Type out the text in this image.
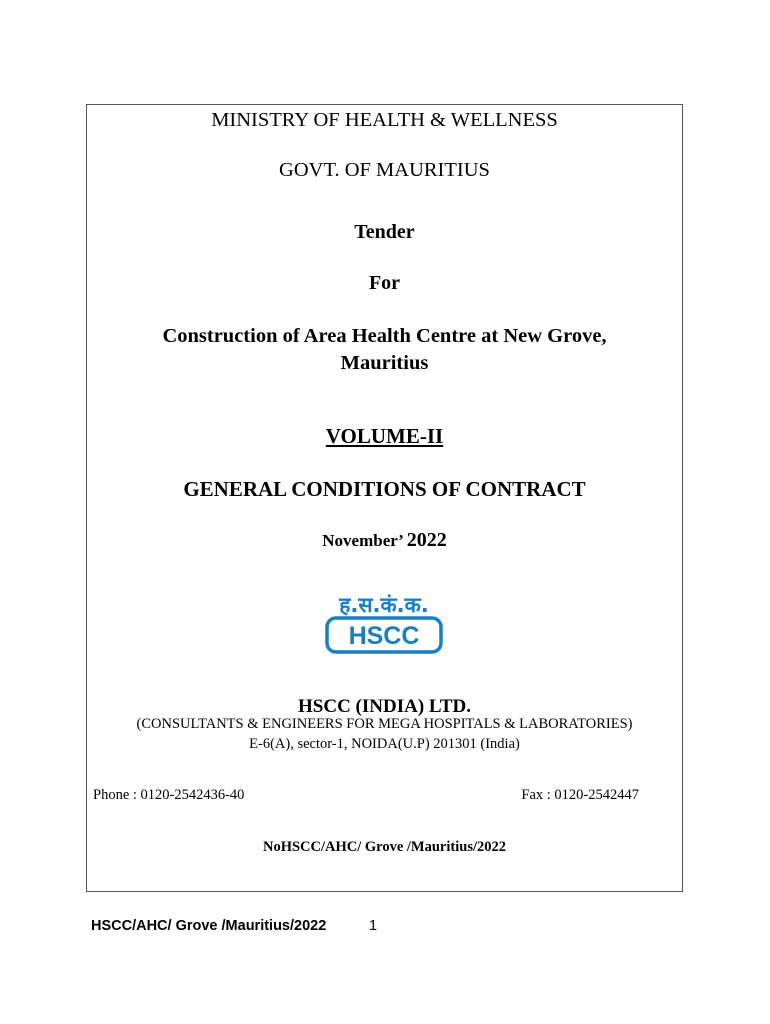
MINISTRY OF HEALTH & WELLNESS
GOVT. OF MAURITIUS
Tender
For
Construction of Area Health Centre at New Grove,
Mauritius
VOLUME-II
GENERAL CONDITIONS OF CONTRACT
November’ 2022
ह.स.कं.क.
HSCC
HSCC (INDIA) LTD.
(CONSULTANTS & ENGINEERS FOR MEGA HOSPITALS & LABORATORIES)
E-6(A), sector-1, NOIDA(U.P) 201301 (India)
Phone : 0120-2542436-40	Fax : 0120-2542447
NoHSCC/AHC/ Grove /Mauritius/2022
HSCC/AHC/ Grove /Mauritius/2022	1
